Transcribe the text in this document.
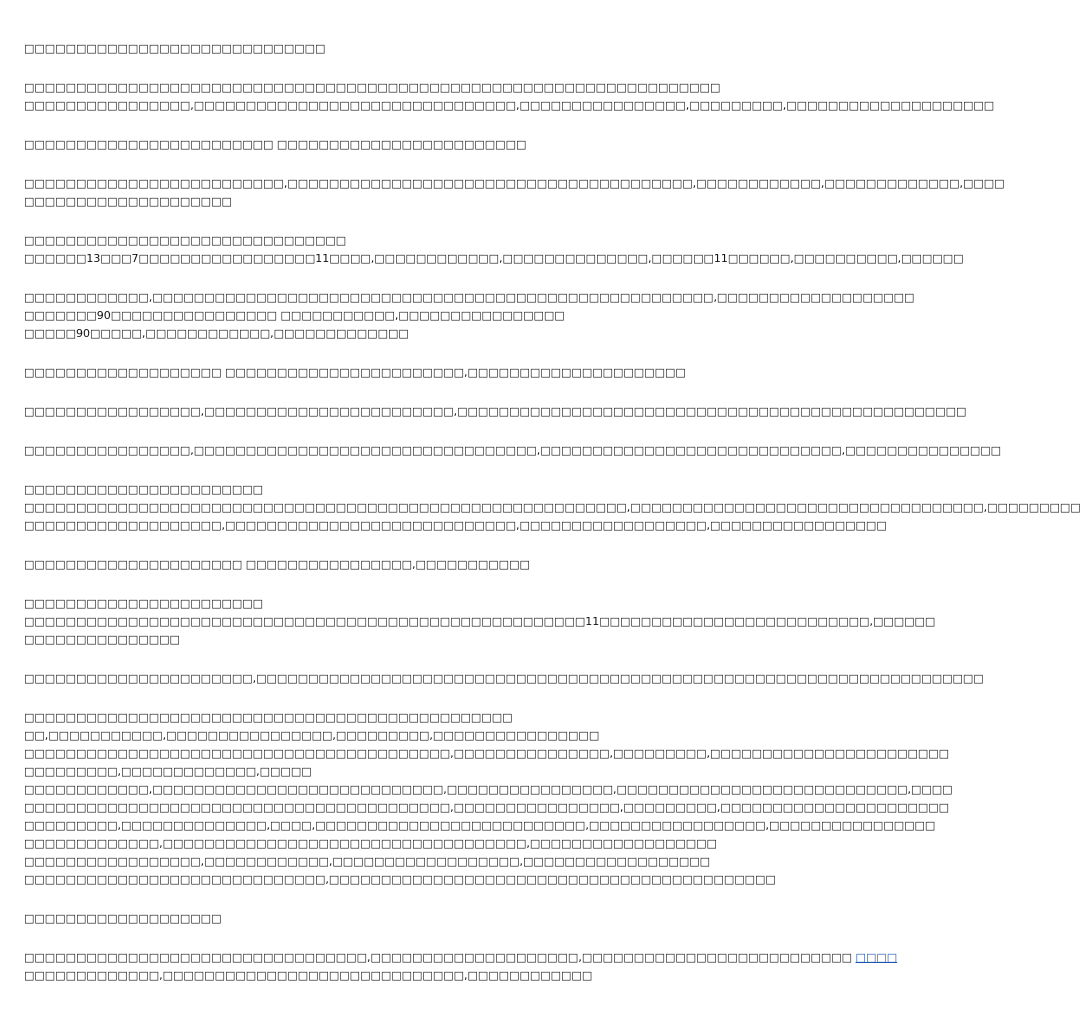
□□□□□□□□□□□□□□□□□□□□□□□□□□□□□
□□□□□□□□□□□□□□□□□□□□□□□□□□□□□□□□□□□□□□□□□□□□□□□□□□□□□□□□□□□□□□□□□□□
□□□□□□□□□□□□□□□□,□□□□□□□□□□□□□□□□□□□□□□□□□□□□□□□,□□□□□□□□□□□□□□□□,□□□□□□□□□,□□□□□□□□□□□□□□□□□□□□
□□□□□□□□□□□□□□□□□□□□□□□□ □□□□□□□□□□□□□□□□□□□□□□□□
□□□□□□□□□□□□□□□□□□□□□□□□□,□□□□□□□□□□□□□□□□□□□□□□□□□□□□□□□□□□□□□□□,□□□□□□□□□□□□,□□□□□□□□□□□□□,□□□□
□□□□□□□□□□□□□□□□□□□□
□□□□□□□□□□□□□□□□□□□□□□□□□□□□□□□
□□□□□□13□□□7□□□□□□□□□□□□□□□□□11□□□□,□□□□□□□□□□□□,□□□□□□□□□□□□□□,□□□□□□11□□□□□□,□□□□□□□□□□,□□□□□□
□□□□□□□□□□□□,□□□□□□□□□□□□□□□□□□□□□□□□□□□□□□□□□□□□□□□□□□□□□□□□□□□□□□,□□□□□□□□□□□□□□□□□□□
□□□□□□□90□□□□□□□□□□□□□□□□ □□□□□□□□□□□,□□□□□□□□□□□□□□□□
□□□□□90□□□□□,□□□□□□□□□□□□,□□□□□□□□□□□□□
□□□□□□□□□□□□□□□□□□□ □□□□□□□□□□□□□□□□□□□□□□□,□□□□□□□□□□□□□□□□□□□□□
□□□□□□□□□□□□□□□□□,□□□□□□□□□□□□□□□□□□□□□□□□,□□□□□□□□□□□□□□□□□□□□□□□□□□□□□□□□□□□□□□□□□□□□□□□□□
□□□□□□□□□□□□□□□□,□□□□□□□□□□□□□□□□□□□□□□□□□□□□□□□□□,□□□□□□□□□□□□□□□□□□□□□□□□□□□□□,□□□□□□□□□□□□□□□
□□□□□□□□□□□□□□□□□□□□□□□
□□□□□□□□□□□□□□□□□□□□□□□□□□□□□□□□□□□□□□□□□□□□□□□□□□□□□□□□□□,□□□□□□□□□□□□□□□□□□□□□□□□□□□□□□□□□□,□□□□□□□□□
□□□□□□□□□□□□□□□□□□□,□□□□□□□□□□□□□□□□□□□□□□□□□□□□,□□□□□□□□□□□□□□□□□□,□□□□□□□□□□□□□□□□□
□□□□□□□□□□□□□□□□□□□□□ □□□□□□□□□□□□□□□□,□□□□□□□□□□□
□□□□□□□□□□□□□□□□□□□□□□□
□□□□□□□□□□□□□□□□□□□□□□□□□□□□□□□□□□□□□□□□□□□□□□□□□□□□□□11□□□□□□□□□□□□□□□□□□□□□□□□□□,□□□□□□
□□□□□□□□□□□□□□□
□□□□□□□□□□□□□□□□□□□□□□,□□□□□□□□□□□□□□□□□□□□□□□□□□□□□□□□□□□□□□□□□□□□□□□□□□□□□□□□□□□□□□□□□□□□□□
□□□□□□□□□□□□□□□□□□□□□□□□□□□□□□□□□□□□□□□□□□□□□□□
□□,□□□□□□□□□□□,□□□□□□□□□□□□□□□□,□□□□□□□□□,□□□□□□□□□□□□□□□□
□□□□□□□□□□□□□□□□□□□□□□□□□□□□□□□□□□□□□□□□□,□□□□□□□□□□□□□□□,□□□□□□□□□,□□□□□□□□□□□□□□□□□□□□□□□
□□□□□□□□□,□□□□□□□□□□□□□,□□□□□
□□□□□□□□□□□□,□□□□□□□□□□□□□□□□□□□□□□□□□□□□,□□□□□□□□□□□□□□□□,□□□□□□□□□□□□□□□□□□□□□□□□□□□□,□□□□
□□□□□□□□□□□□□□□□□□□□□□□□□□□□□□□□□□□□□□□□□,□□□□□□□□□□□□□□□□,□□□□□□□□□,□□□□□□□□□□□□□□□□□□□□□□
□□□□□□□□□,□□□□□□□□□□□□□□,□□□□,□□□□□□□□□□□□□□□□□□□□□□□□□□,□□□□□□□□□□□□□□□□□,□□□□□□□□□□□□□□□□
□□□□□□□□□□□□□,□□□□□□□□□□□□□□□□□□□□□□□□□□□□□□□□□□□,□□□□□□□□□□□□□□□□□□
□□□□□□□□□□□□□□□□□,□□□□□□□□□□□□,□□□□□□□□□□□□□□□□□□,□□□□□□□□□□□□□□□□□□
□□□□□□□□□□□□□□□□□□□□□□□□□□□□□,□□□□□□□□□□□□□□□□□□□□□□□□□□□□□□□□□□□□□□□□□□□
□□□□□□□□□□□□□□□□□□□
□□□□□□□□□□□□□□□□□□□□□□□□□□□□□□□□□,□□□□□□□□□□□□□□□□□□□□,□□□□□□□□□□□□□□□□□□□□□□□□□□ □□□□
□□□□□□□□□□□□□,□□□□□□□□□□□□□□□□□□□□□□□□□□□□□,□□□□□□□□□□□□
